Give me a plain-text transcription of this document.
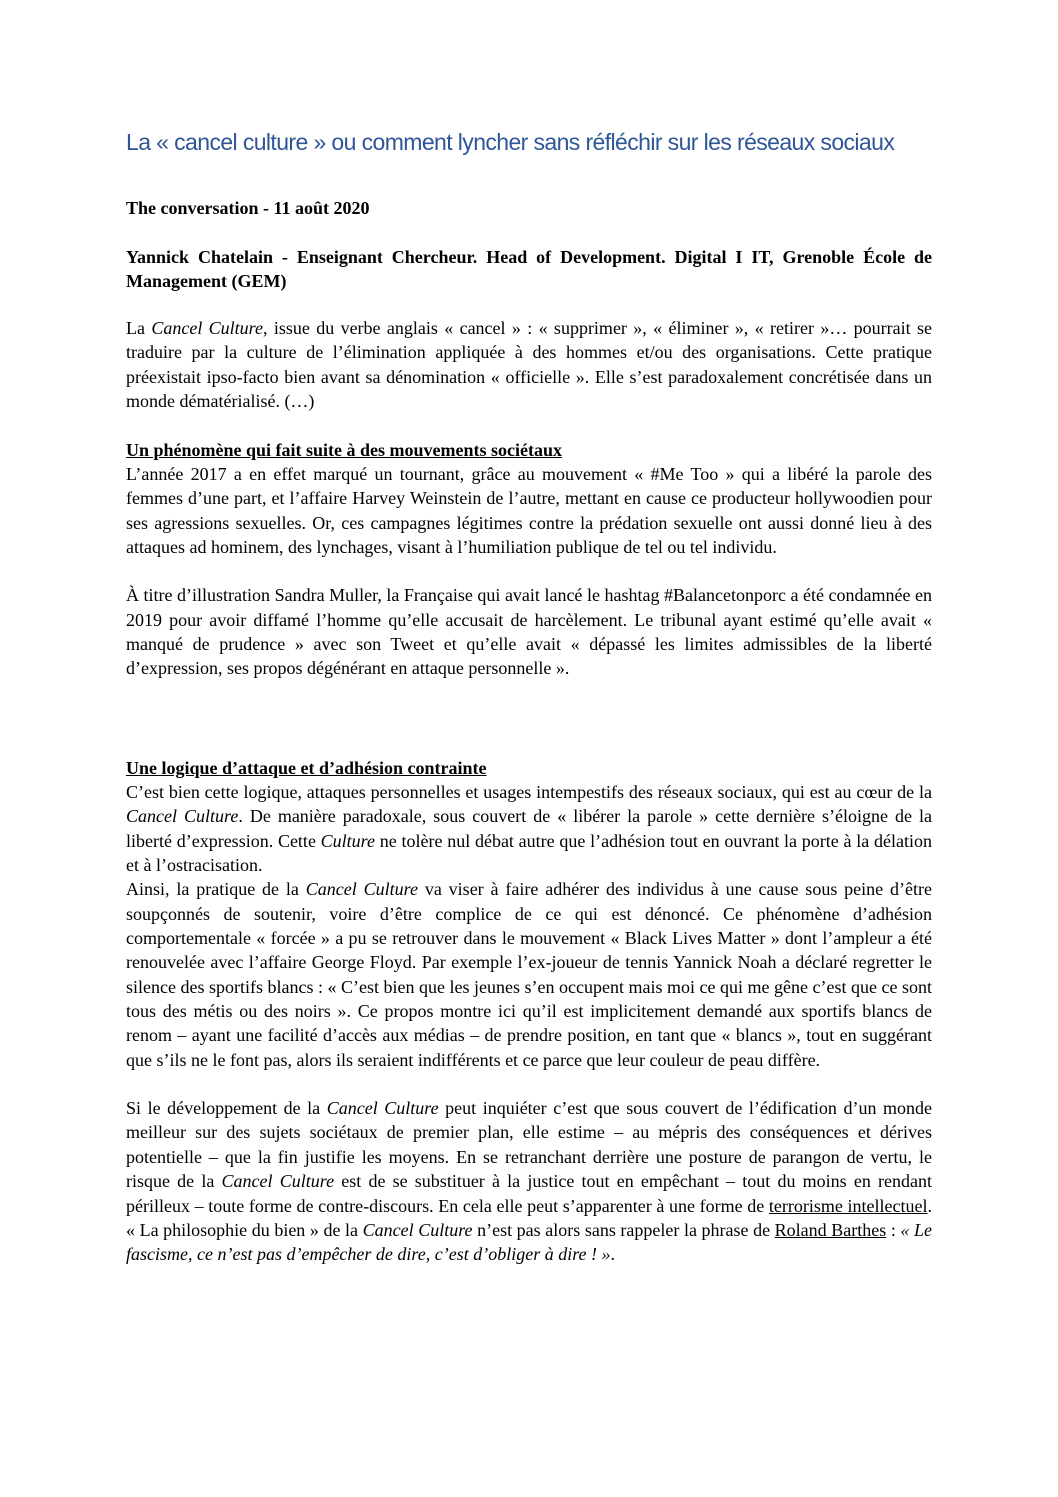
La « cancel culture » ou comment lyncher sans réfléchir sur les réseaux sociaux

The conversation - 11 août 2020

Yannick Chatelain - Enseignant Chercheur. Head of Development. Digital I IT, Grenoble École de Management (GEM)

La Cancel Culture, issue du verbe anglais « cancel » : « supprimer », « éliminer », « retirer »… pourrait se traduire par la culture de l’élimination appliquée à des hommes et/ou des organisations. Cette pratique préexistait ipso-facto bien avant sa dénomination « officielle ». Elle s’est paradoxalement concrétisée dans un monde dématérialisé. (…)

Un phénomène qui fait suite à des mouvements sociétaux

L’année 2017 a en effet marqué un tournant, grâce au mouvement « #Me Too » qui a libéré la parole des femmes d’une part, et l’affaire Harvey Weinstein de l’autre, mettant en cause ce producteur hollywoodien pour ses agressions sexuelles. Or, ces campagnes légitimes contre la prédation sexuelle ont aussi donné lieu à des attaques ad hominem, des lynchages, visant à l’humiliation publique de tel ou tel individu.

À titre d’illustration Sandra Muller, la Française qui avait lancé le hashtag #Balancetonporc a été condamnée en 2019 pour avoir diffamé l’homme qu’elle accusait de harcèlement. Le tribunal ayant estimé qu’elle avait « manqué de prudence » avec son Tweet et qu’elle avait « dépassé les limites admissibles de la liberté d’expression, ses propos dégénérant en attaque personnelle ».

Une logique d’attaque et d’adhésion contrainte

C’est bien cette logique, attaques personnelles et usages intempestifs des réseaux sociaux, qui est au cœur de la Cancel Culture. De manière paradoxale, sous couvert de « libérer la parole » cette dernière s’éloigne de la liberté d’expression. Cette Culture ne tolère nul débat autre que l’adhésion tout en ouvrant la porte à la délation et à l’ostracisation.

Ainsi, la pratique de la Cancel Culture va viser à faire adhérer des individus à une cause sous peine d’être soupçonnés de soutenir, voire d’être complice de ce qui est dénoncé. Ce phénomène d’adhésion comportementale « forcée » a pu se retrouver dans le mouvement « Black Lives Matter » dont l’ampleur a été renouvelée avec l’affaire George Floyd. Par exemple l’ex-joueur de tennis Yannick Noah a déclaré regretter le silence des sportifs blancs : « C’est bien que les jeunes s’en occupent mais moi ce qui me gêne c’est que ce sont tous des métis ou des noirs ». Ce propos montre ici qu’il est implicitement demandé aux sportifs blancs de renom – ayant une facilité d’accès aux médias – de prendre position, en tant que « blancs », tout en suggérant que s’ils ne le font pas, alors ils seraient indifférents et ce parce que leur couleur de peau diffère.

Si le développement de la Cancel Culture peut inquiéter c’est que sous couvert de l’édification d’un monde meilleur sur des sujets sociétaux de premier plan, elle estime – au mépris des conséquences et dérives potentielle – que la fin justifie les moyens. En se retranchant derrière une posture de parangon de vertu, le risque de la Cancel Culture est de se substituer à la justice tout en empêchant – tout du moins en rendant périlleux – toute forme de contre-discours. En cela elle peut s’apparenter à une forme de terrorisme intellectuel. « La philosophie du bien » de la Cancel Culture n’est pas alors sans rappeler la phrase de Roland Barthes : « Le fascisme, ce n’est pas d’empêcher de dire, c’est d’obliger à dire ! ».
